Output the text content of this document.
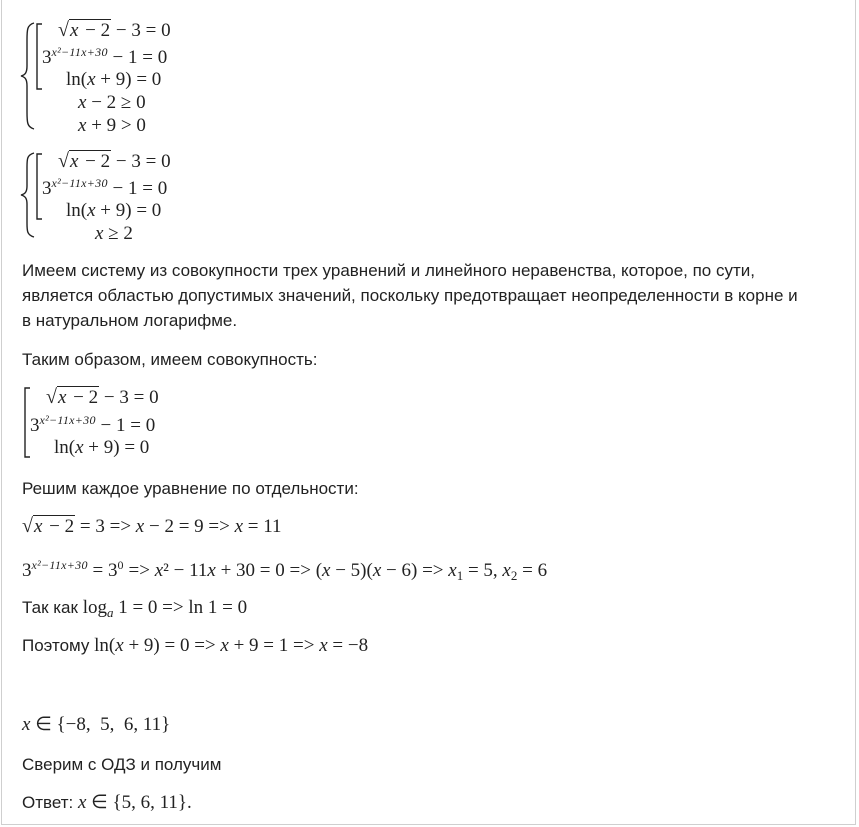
√x − 2 − 3 = 0
$3^{x^2-11x+30} - 1 = 0$
ln(x + 9) = 0
x − 2 ≥ 0
x + 9 > 0
√x − 2 − 3 = 0
$3^{x^2-11x+30} - 1 = 0$
ln(x + 9) = 0
x ≥ 2
Имеем систему из совокупности трех уравнений и линейного неравенства, которое, по сути,
является областью допустимых значений, поскольку предотвращает неопределенности в корне и
в натуральном логарифме.
Таким образом, имеем совокупность:
√x − 2 − 3 = 0
$3^{x^2-11x+30} - 1 = 0$
ln(x + 9) = 0
Решим каждое уравнение по отдельности:
√x − 2 = 3 => x − 2 = 9 => x = 11
$3^{x^2-11x+30} = 3^0 => x^2 - 11x + 30 = 0 => (x - 5)(x - 6) => x_1 = 5$, $x_2 = 6$
Так как $\log_a 1 = 0 => \ln 1 = 0$
Поэтому ln(x + 9) = 0 => x + 9 = 1 => x = −8
x ∈ {−8,  5,  6, 11}
Сверим с ОДЗ и получим
Ответ: x ∈ {5, 6, 11}.
